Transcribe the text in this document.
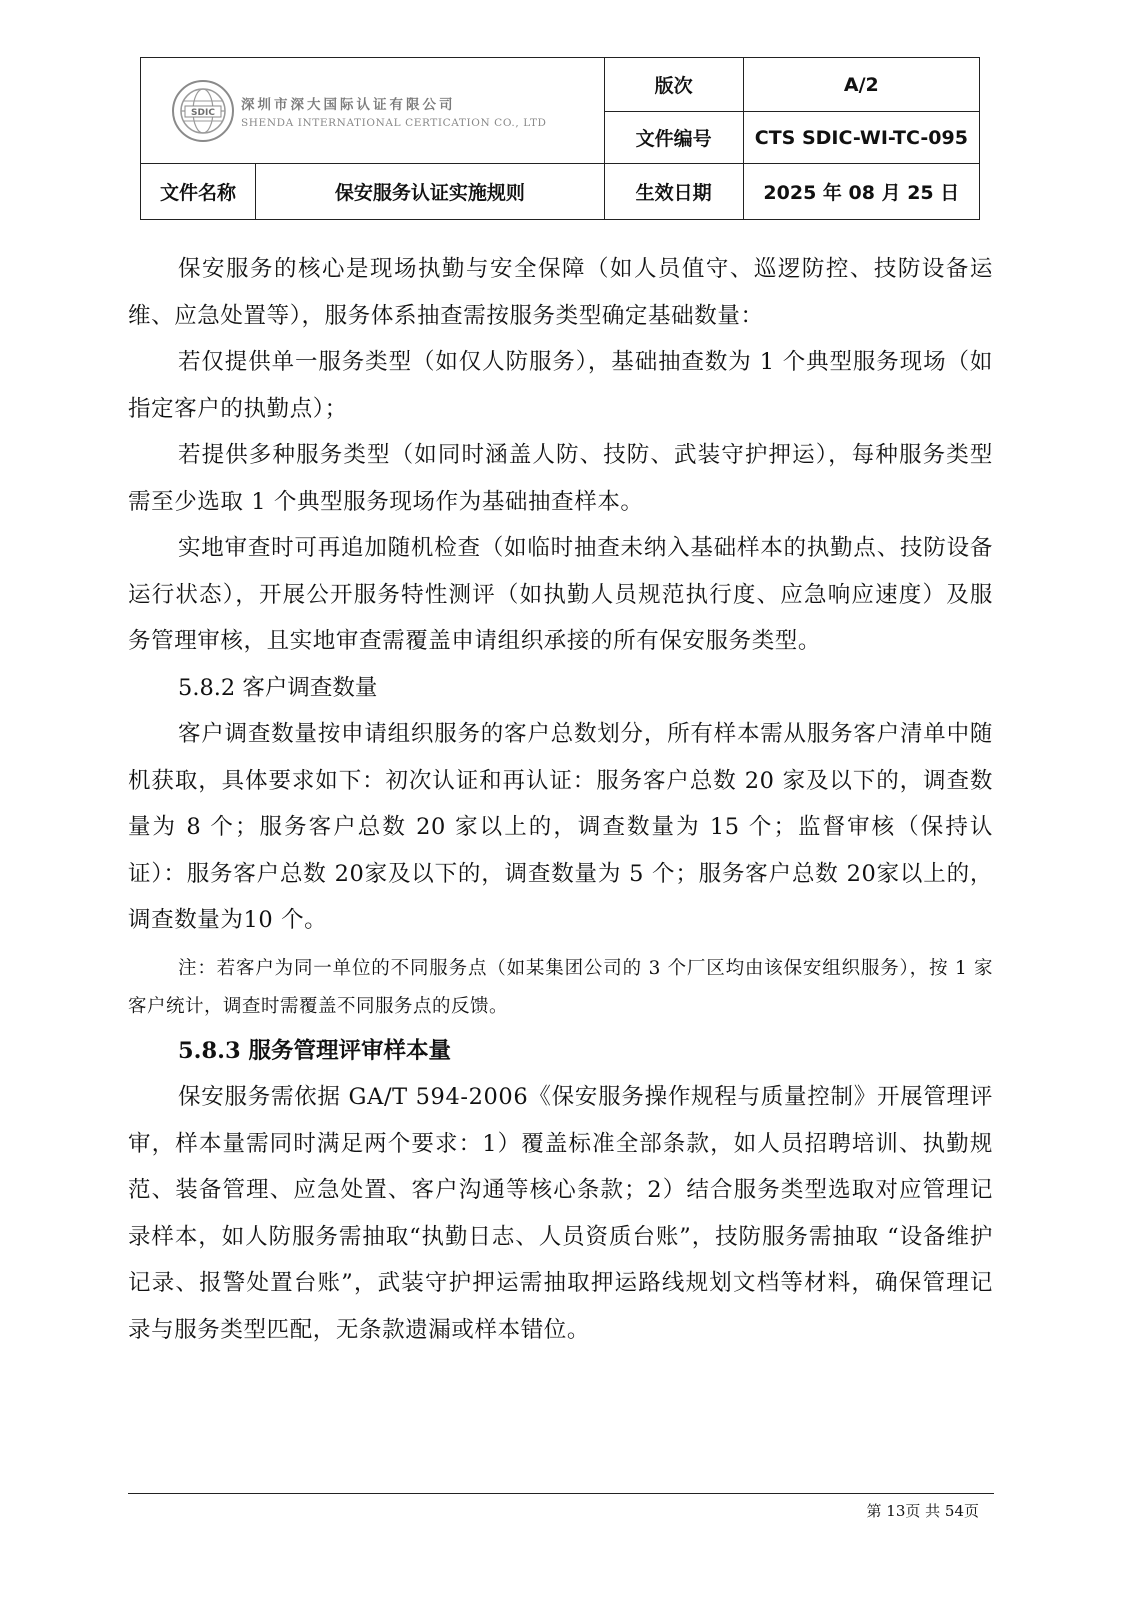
SDIC 深圳市深大国际认证有限公司
SHENDA INTERNATIONAL CERTICATION CO., LTD		版次	A/2
		文件编号	CTS SDIC-WI-TC-095
文件名称	保安服务认证实施规则	生效日期	2025 年 08 月 25 日

保安服务的核心是现场执勤与安全保障（如人员值守、巡逻防控、技防设备运维、应急处置等），服务体系抽查需按服务类型确定基础数量：

若仅提供单一服务类型（如仅人防服务），基础抽查数为 1 个典型服务现场（如指定客户的执勤点）；

若提供多种服务类型（如同时涵盖人防、技防、武装守护押运），每种服务类型需至少选取 1 个典型服务现场作为基础抽查样本。

实地审查时可再追加随机检查（如临时抽查未纳入基础样本的执勤点、技防设备运行状态），开展公开服务特性测评（如执勤人员规范执行度、应急响应速度）及服务管理审核，且实地审查需覆盖申请组织承接的所有保安服务类型。

5.8.2 客户调查数量

客户调查数量按申请组织服务的客户总数划分，所有样本需从服务客户清单中随机获取，具体要求如下：初次认证和再认证：服务客户总数 20 家及以下的，调查数量为 8 个；服务客户总数 20 家以上的，调查数量为 15 个；监督审核（保持认证）：服务客户总数 20家及以下的，调查数量为 5 个；服务客户总数 20家以上的，调查数量为10 个。

注：若客户为同一单位的不同服务点（如某集团公司的 3 个厂区均由该保安组织服务），按 1 家客户统计，调查时需覆盖不同服务点的反馈。

5.8.3 服务管理评审样本量

保安服务需依据 GA/T 594-2006《保安服务操作规程与质量控制》开展管理评审，样本量需同时满足两个要求：1）覆盖标准全部条款，如人员招聘培训、执勤规范、装备管理、应急处置、客户沟通等核心条款；2）结合服务类型选取对应管理记录样本，如人防服务需抽取“执勤日志、人员资质台账”，技防服务需抽取 “设备维护记录、报警处置台账”，武装守护押运需抽取押运路线规划文档等材料，确保管理记录与服务类型匹配，无条款遗漏或样本错位。

第 13页 共 54页
